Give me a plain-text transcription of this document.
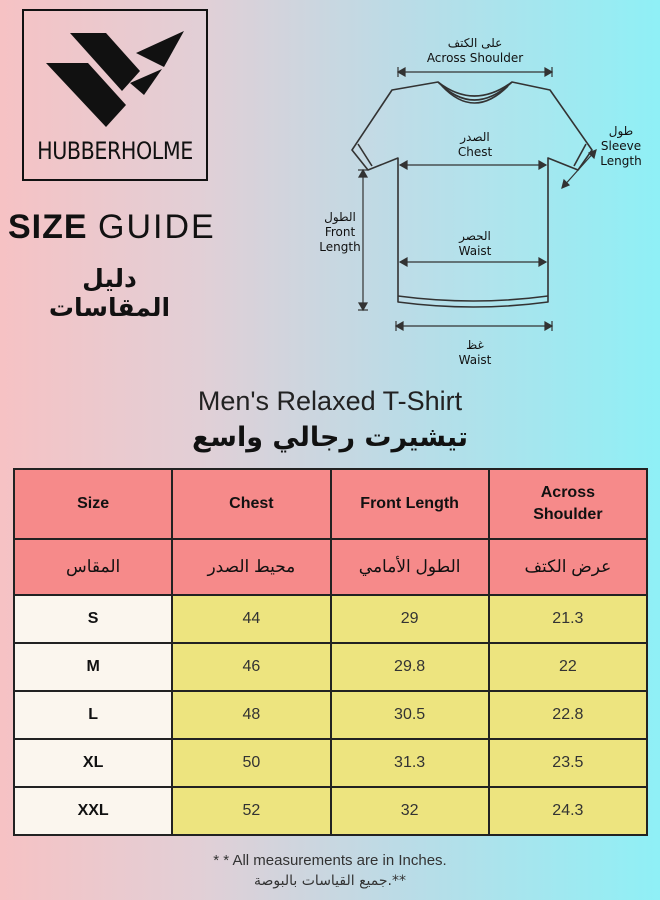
HUBBERHOLME
SIZE GUIDE
دليل المقاسات
على الكتف
Across Shoulder
الصدر
Chest
الحصر
Waist
طول
Sleeve
Length
الطول
Front
Length
غظ
Waist
Men's Relaxed T-Shirt
تيشيرت رجالي واسع
Size	Chest	Front Length	Across Shoulder
المقاس	محيط الصدر	الطول الأمامي	عرض الكتف
S	44	29	21.3
M	46	29.8	22
L	48	30.5	22.8
XL	50	31.3	23.5
XXL	52	32	24.3
* * All measurements are in Inches.
جميع القياسات بالبوصة.**
